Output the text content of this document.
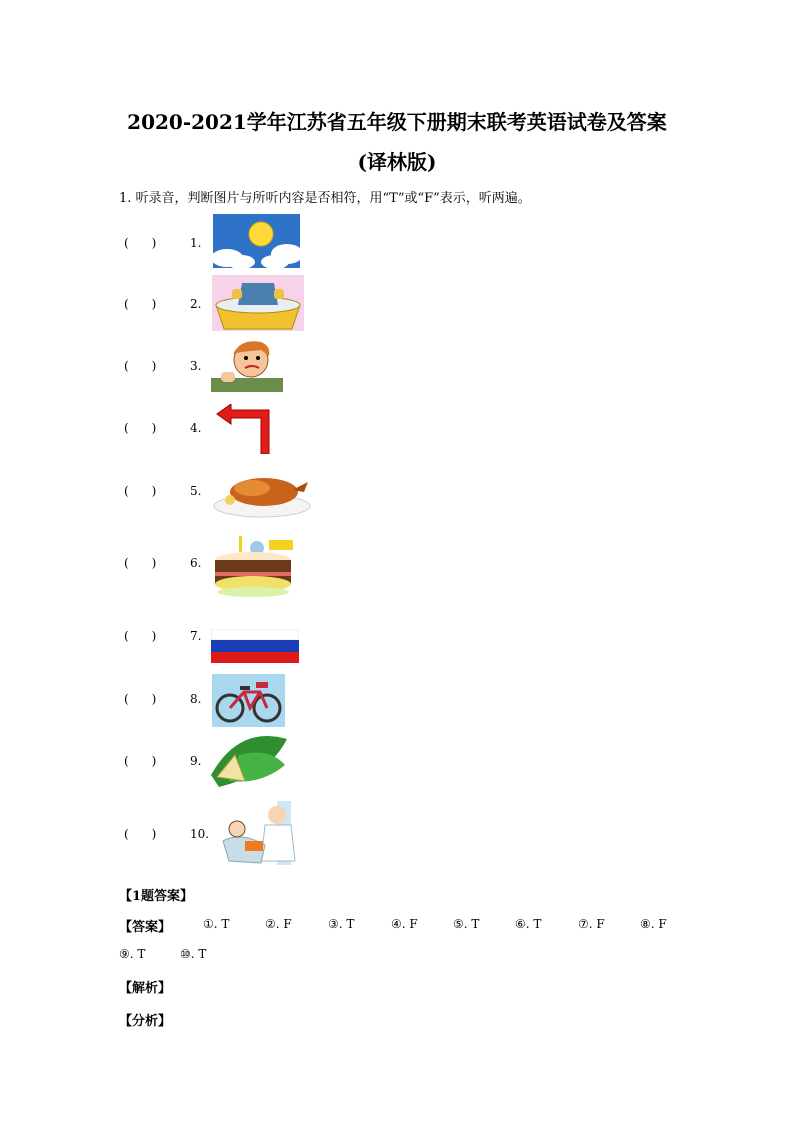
2020-2021学年江苏省五年级下册期末联考英语试卷及答案
(译林版)
1. 听录音，判断图片与所听内容是否相符，用“T”或“F”表示，听两遍。
(      )	1.
(      )	2.
(      )	3.
(      )	4.
(      )	5.
(      )	6.
(      )	7.
(      )	8.
(      )	9.
(      )	10.
【1题答案】
【答案】	①. T	②. F	③. T	④. F	⑤. T	⑥. T	⑦. F	⑧. F
⑨. T	⑩. T
【解析】
【分析】
